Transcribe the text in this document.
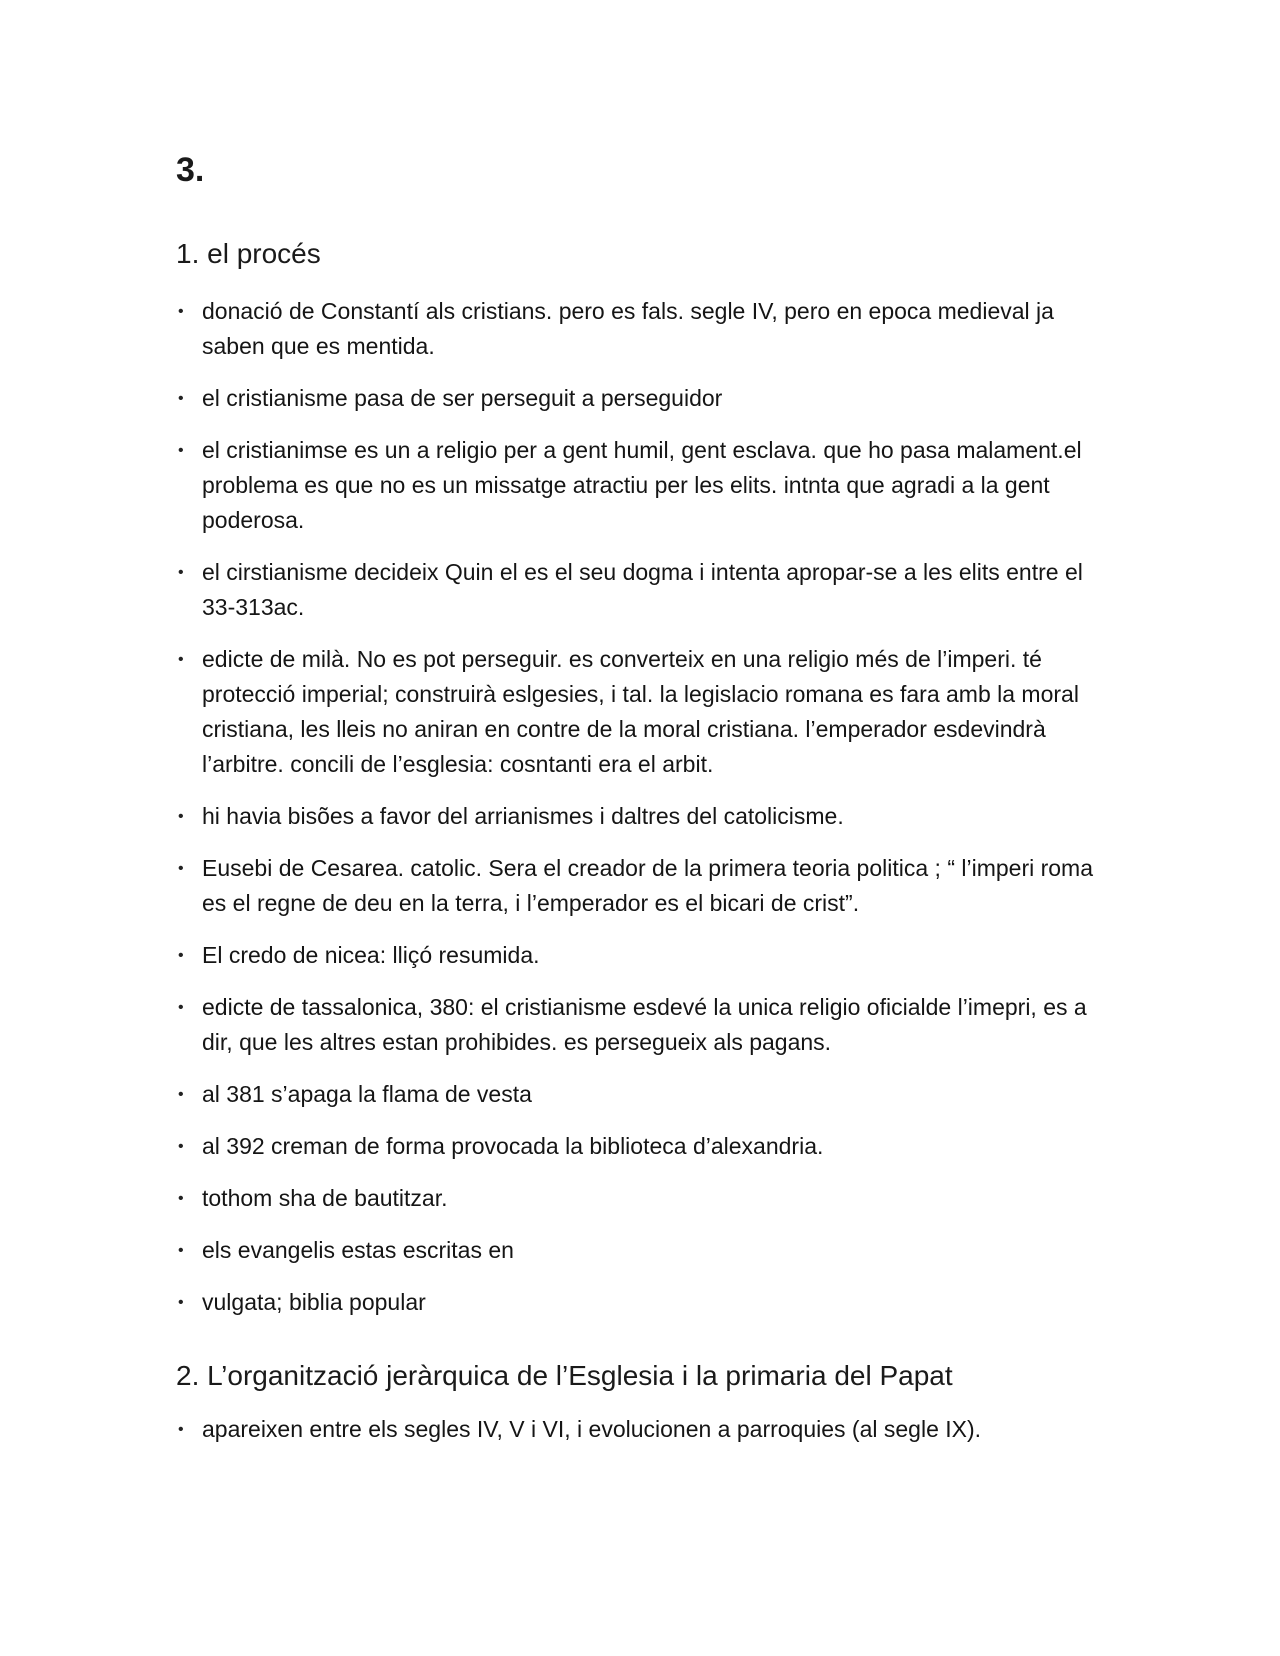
3.
1. el procés
• donació de Constantí als cristians. pero es fals. segle IV, pero en epoca medieval ja saben que es mentida.
• el cristianisme pasa de ser perseguit a perseguidor
• el cristianimse es un a religio per a gent humil, gent esclava. que ho pasa malament.el problema es que no es un missatge atractiu per les elits. intnta que agradi a la gent poderosa.
• el cirstianisme decideix Quin el es el seu dogma i intenta apropar-se a les elits entre el 33-313ac.
• edicte de milà. No es pot perseguir. es converteix en una religio més de l’imperi. té protecció imperial; construirà eslgesies, i tal. la legislacio romana es fara amb la moral cristiana, les lleis no aniran en contre de la moral cristiana. l’emperador esdevindrà l’arbitre. concili de l’esglesia: cosntanti era el arbit.
• hi havia bisões a favor del arrianismes i daltres del catolicisme.
• Eusebi de Cesarea. catolic. Sera el creador de la primera teoria politica ; “ l’imperi roma es el regne de deu en la terra, i l’emperador es el bicari de crist”.
• El credo de nicea: lliçó resumida.
• edicte de tassalonica, 380: el cristianisme esdevé la unica religio oficialde l’imepri, es a dir, que les altres estan prohibides. es persegueix als pagans.
• al 381 s’apaga la flama de vesta
• al 392 creman de forma provocada la biblioteca d’alexandria.
• tothom sha de bautitzar.
• els evangelis estas escritas en
• vulgata; biblia popular
2. L’organització jeràrquica de l’Esglesia i la primaria del Papat
• apareixen entre els segles IV, V i VI, i evolucionen a parroquies (al segle IX).
